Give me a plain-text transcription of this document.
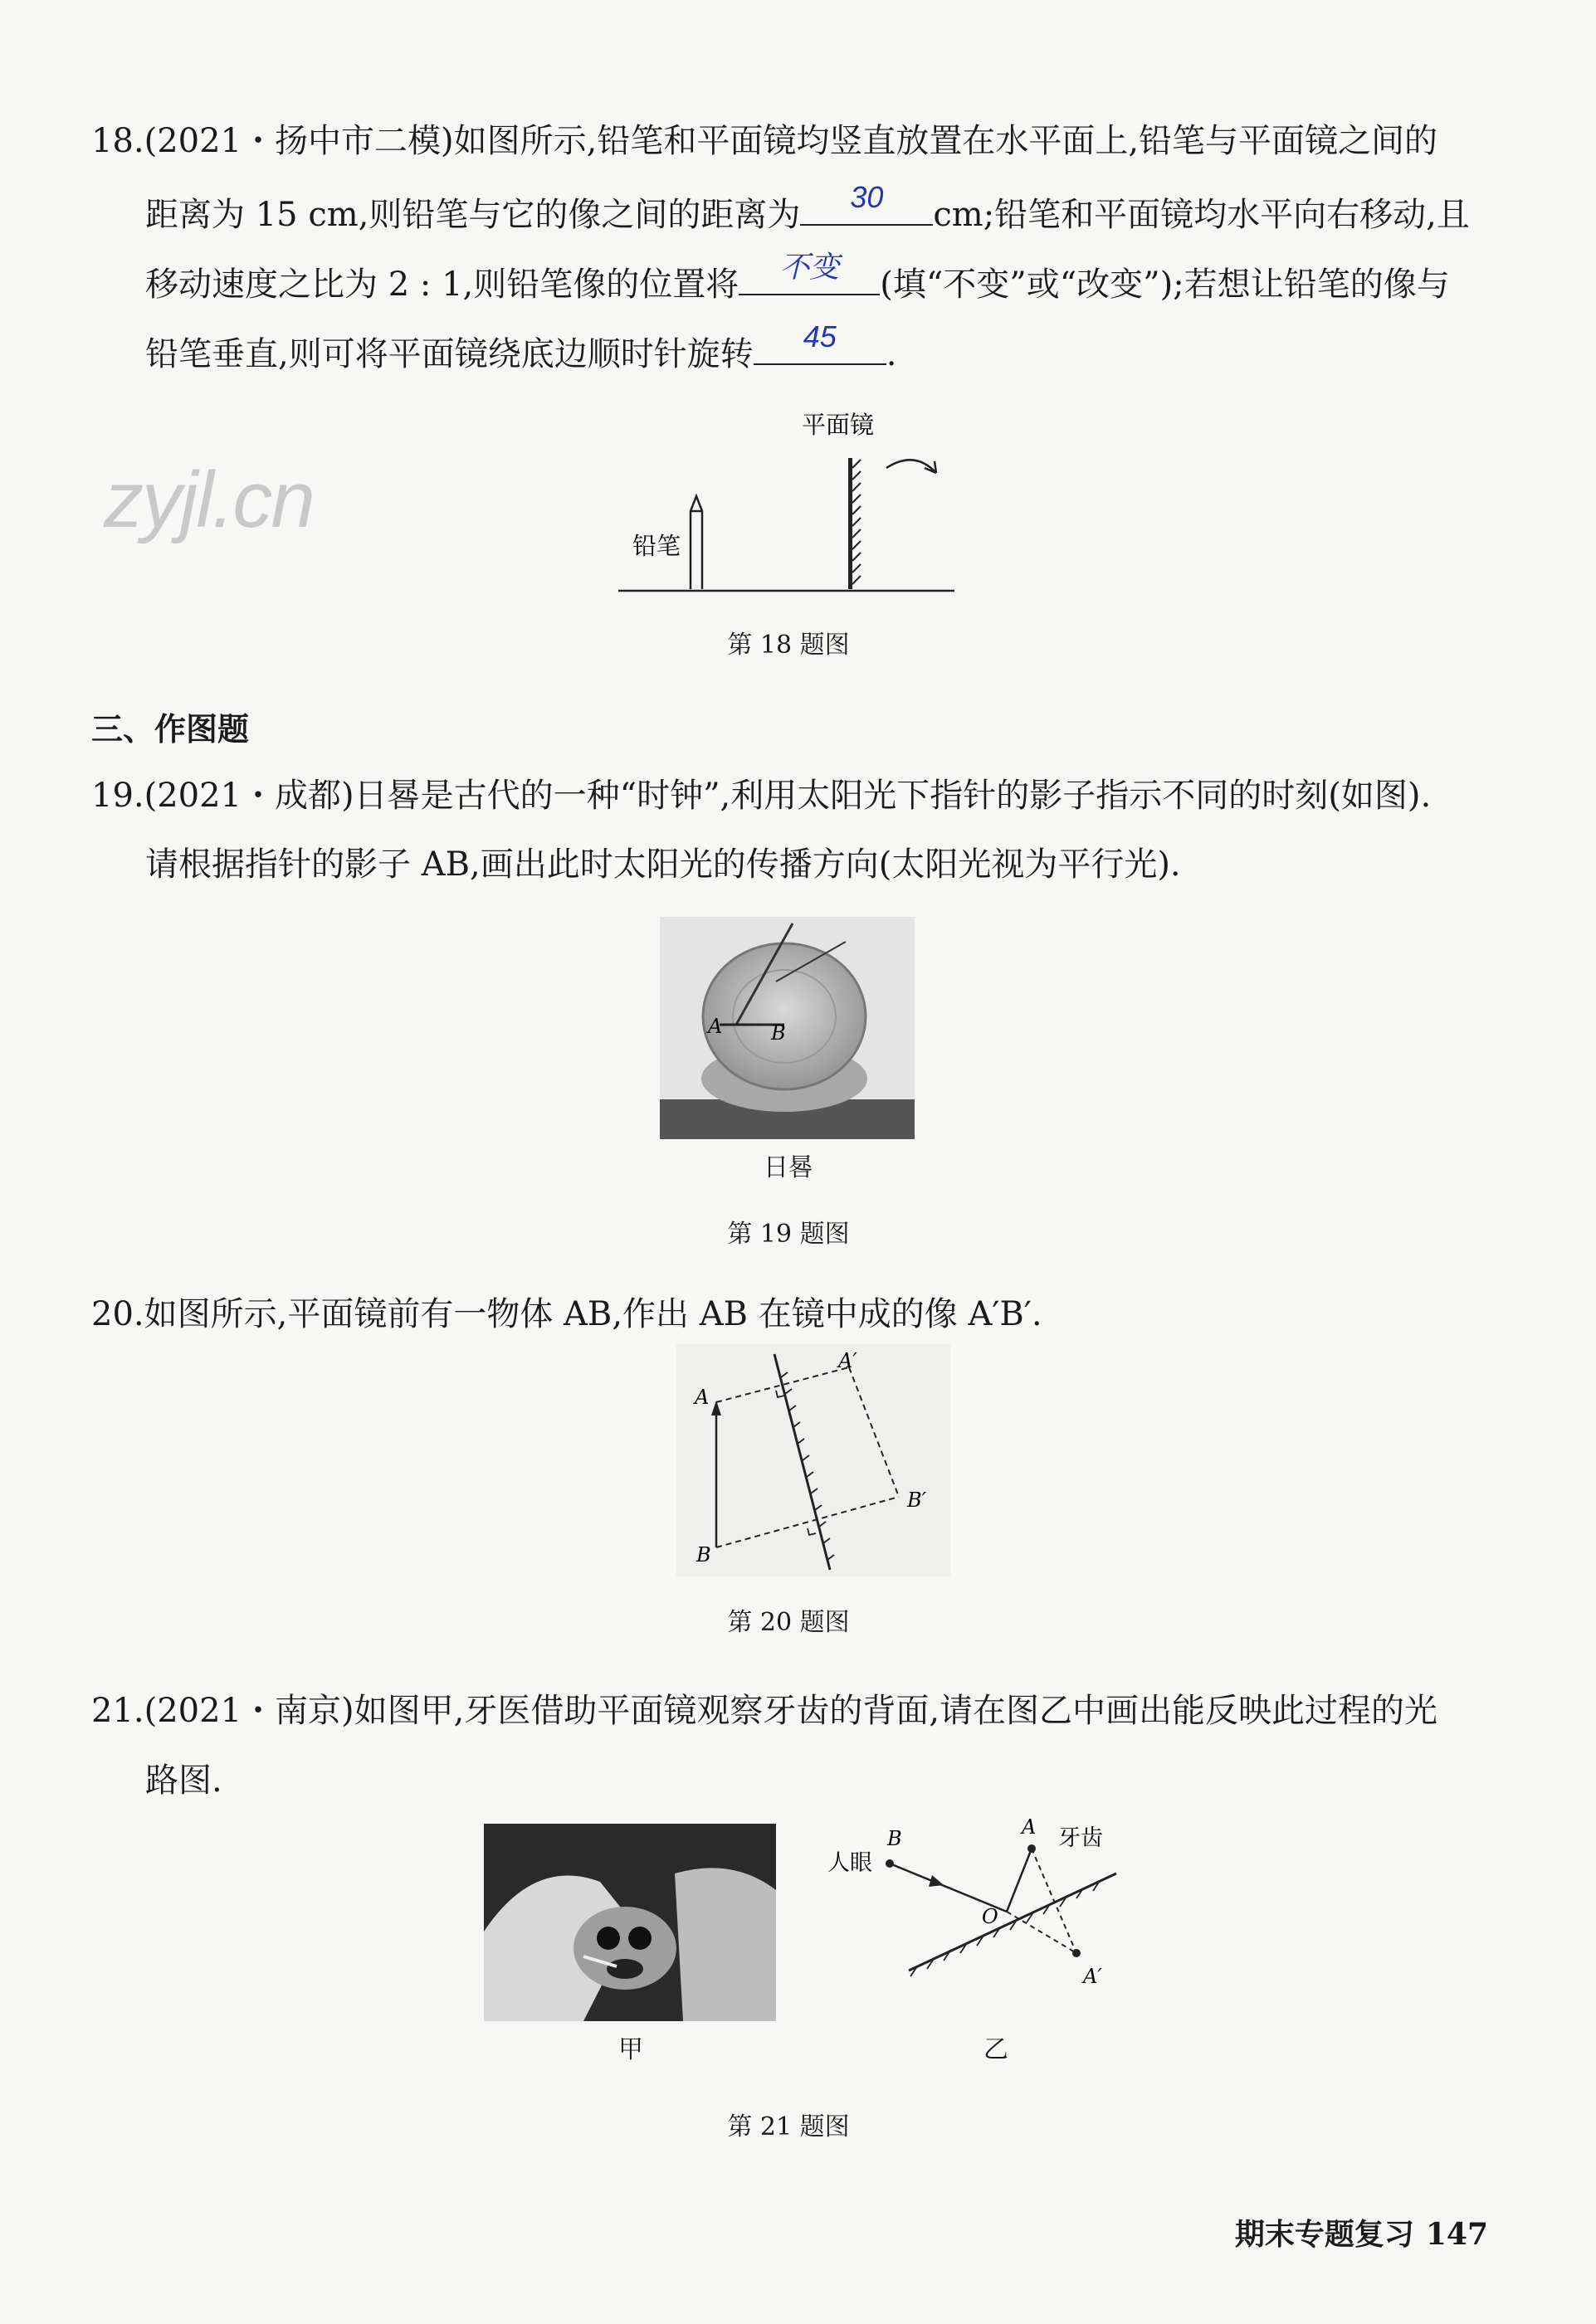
18.(2021・扬中市二模)如图所示,铅笔和平面镜均竖直放置在水平面上,铅笔与平面镜之间的
距离为 15 cm,则铅笔与它的像之间的距离为	30	cm;铅笔和平面镜均水平向右移动,且
移动速度之比为 2 : 1,则铅笔像的位置将	不变	(填“不变”或“改变”);若想让铅笔的像与
铅笔垂直,则可将平面镜绕底边顺时针旋转	45	.
zyjl.cn
平面镜
铅笔
第 18 题图
三、作图题
19.(2021・成都)日晷是古代的一种“时钟”,利用太阳光下指针的影子指示不同的时刻(如图).
请根据指针的影子 AB,画出此时太阳光的传播方向(太阳光视为平行光).
A B
日晷
第 19 题图
20.如图所示,平面镜前有一物体 AB,作出 AB 在镜中成的像 A′B′.
A
B
A′
B′
第 20 题图
21.(2021・南京)如图甲,牙医借助平面镜观察牙齿的背面,请在图乙中画出能反映此过程的光
路图.
甲
B
人眼
A 牙齿
O
A′
乙
第 21 题图
期末专题复习 147
